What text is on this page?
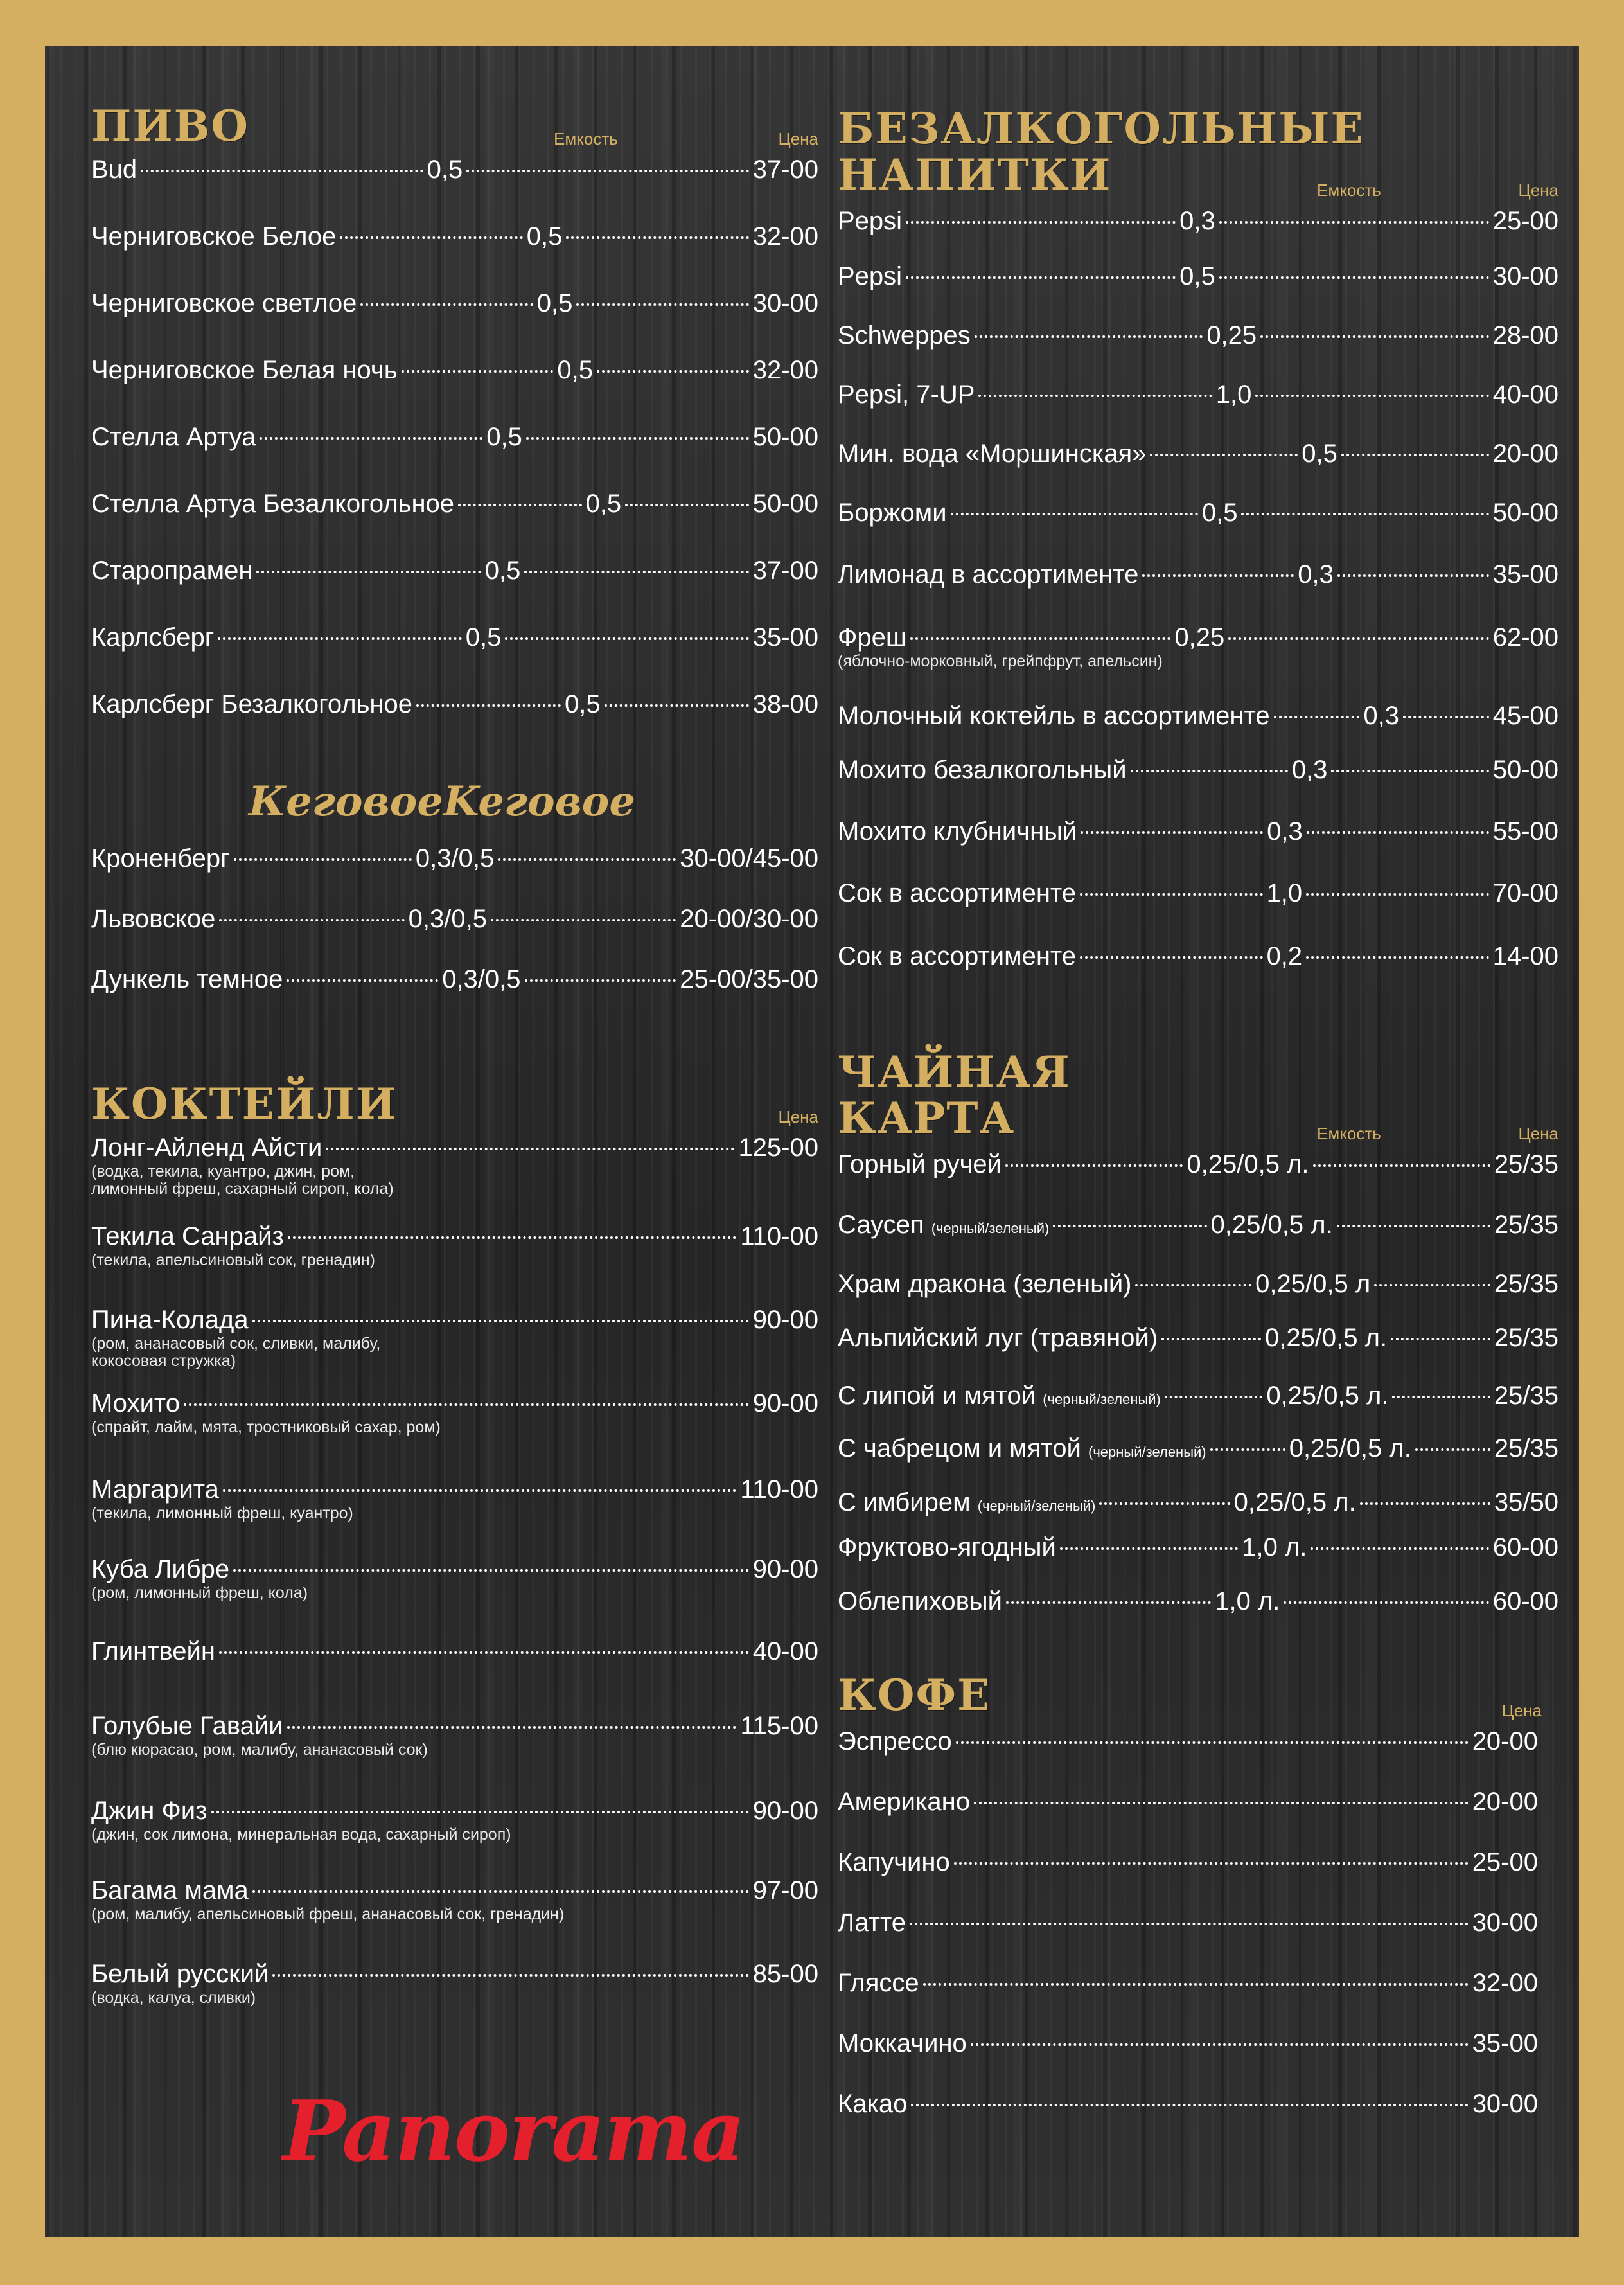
ПИВО	Емкость	Цена
Bud	0,5	37-00
Черниговское Белое	0,5	32-00
Черниговское светлое	0,5	30-00
Черниговское Белая ночь	0,5	32-00
Стелла Артуа	0,5	50-00
Стелла Артуа Безалкогольное	0,5	50-00
Старопрамен	0,5	37-00
Карлсберг	0,5	35-00
Карлсберг Безалкогольное	0,5	38-00
КеговоеKeговое
Кроненберг	0,3/0,5	30-00/45-00
Львовское	0,3/0,5	20-00/30-00
Дункель темное	0,3/0,5	25-00/35-00
КОКТЕЙЛИ	Цена
Лонг-Айленд Айсти	125-00
(водка, текила, куантро, джин, ром,
лимонный фреш, сахарный сироп, кола)
Текила Санрайз	110-00
(текила, апельсиновый сок, гренадин)
Пина-Колада	90-00
(ром, ананасовый сок, сливки, малибу,
кокосовая стружка)
Мохито	90-00
(спрайт, лайм, мята, тростниковый сахар, ром)
Маргарита	110-00
(текила, лимонный фреш, куантро)
Куба Либре	90-00
(ром, лимонный фреш, кола)
Глинтвейн	40-00
Голубые Гавайи	115-00
(блю кюрасао, ром, малибу, ананасовый сок)
Джин Физ	90-00
(джин, сок лимона, минеральная вода, сахарный сироп)
Багама мама	97-00
(ром, малибу, апельсиновый фреш, ананасовый сок, гренадин)
Белый русский	85-00
(водка, калуа, сливки)
БЕЗАЛКОГОЛЬНЫЕ
НАПИТКИ	Емкость	Цена
Pepsi	0,3	25-00
Pepsi	0,5	30-00
Schweppes	0,25	28-00
Pepsi, 7-UP	1,0	40-00
Мин. вода «Моршинская»	0,5	20-00
Боржоми	0,5	50-00
Лимонад в ассортименте	0,3	35-00
Фреш	0,25	62-00
(яблочно-морковный, грейпфрут, апельсин)
Молочный коктейль в ассортименте	0,3	45-00
Мохито безалкогольный	0,3	50-00
Мохито клубничный	0,3	55-00
Сок в ассортименте	1,0	70-00
Сок в ассортименте	0,2	14-00
ЧАЙНАЯ
КАРТА	Емкость	Цена
Горный ручей	0,25/0,5 л.	25/35
Саусеп (черный/зеленый)	0,25/0,5 л.	25/35
Храм дракона (зеленый)	0,25/0,5 л	25/35
Альпийский луг (травяной)	0,25/0,5 л.	25/35
С липой и мятой (черный/зеленый)	0,25/0,5 л.	25/35
С чабрецом и мятой (черный/зеленый)	0,25/0,5 л.	25/35
С имбирем (черный/зеленый)	0,25/0,5 л.	35/50
Фруктово-ягодный	1,0 л.	60-00
Облепиховый	1,0 л.	60-00
КОФЕ	Цена
Эспрессо	20-00
Американо	20-00
Капучино	25-00
Латте	30-00
Гляссе	32-00
Моккачино	35-00
Какао	30-00
Panorama
